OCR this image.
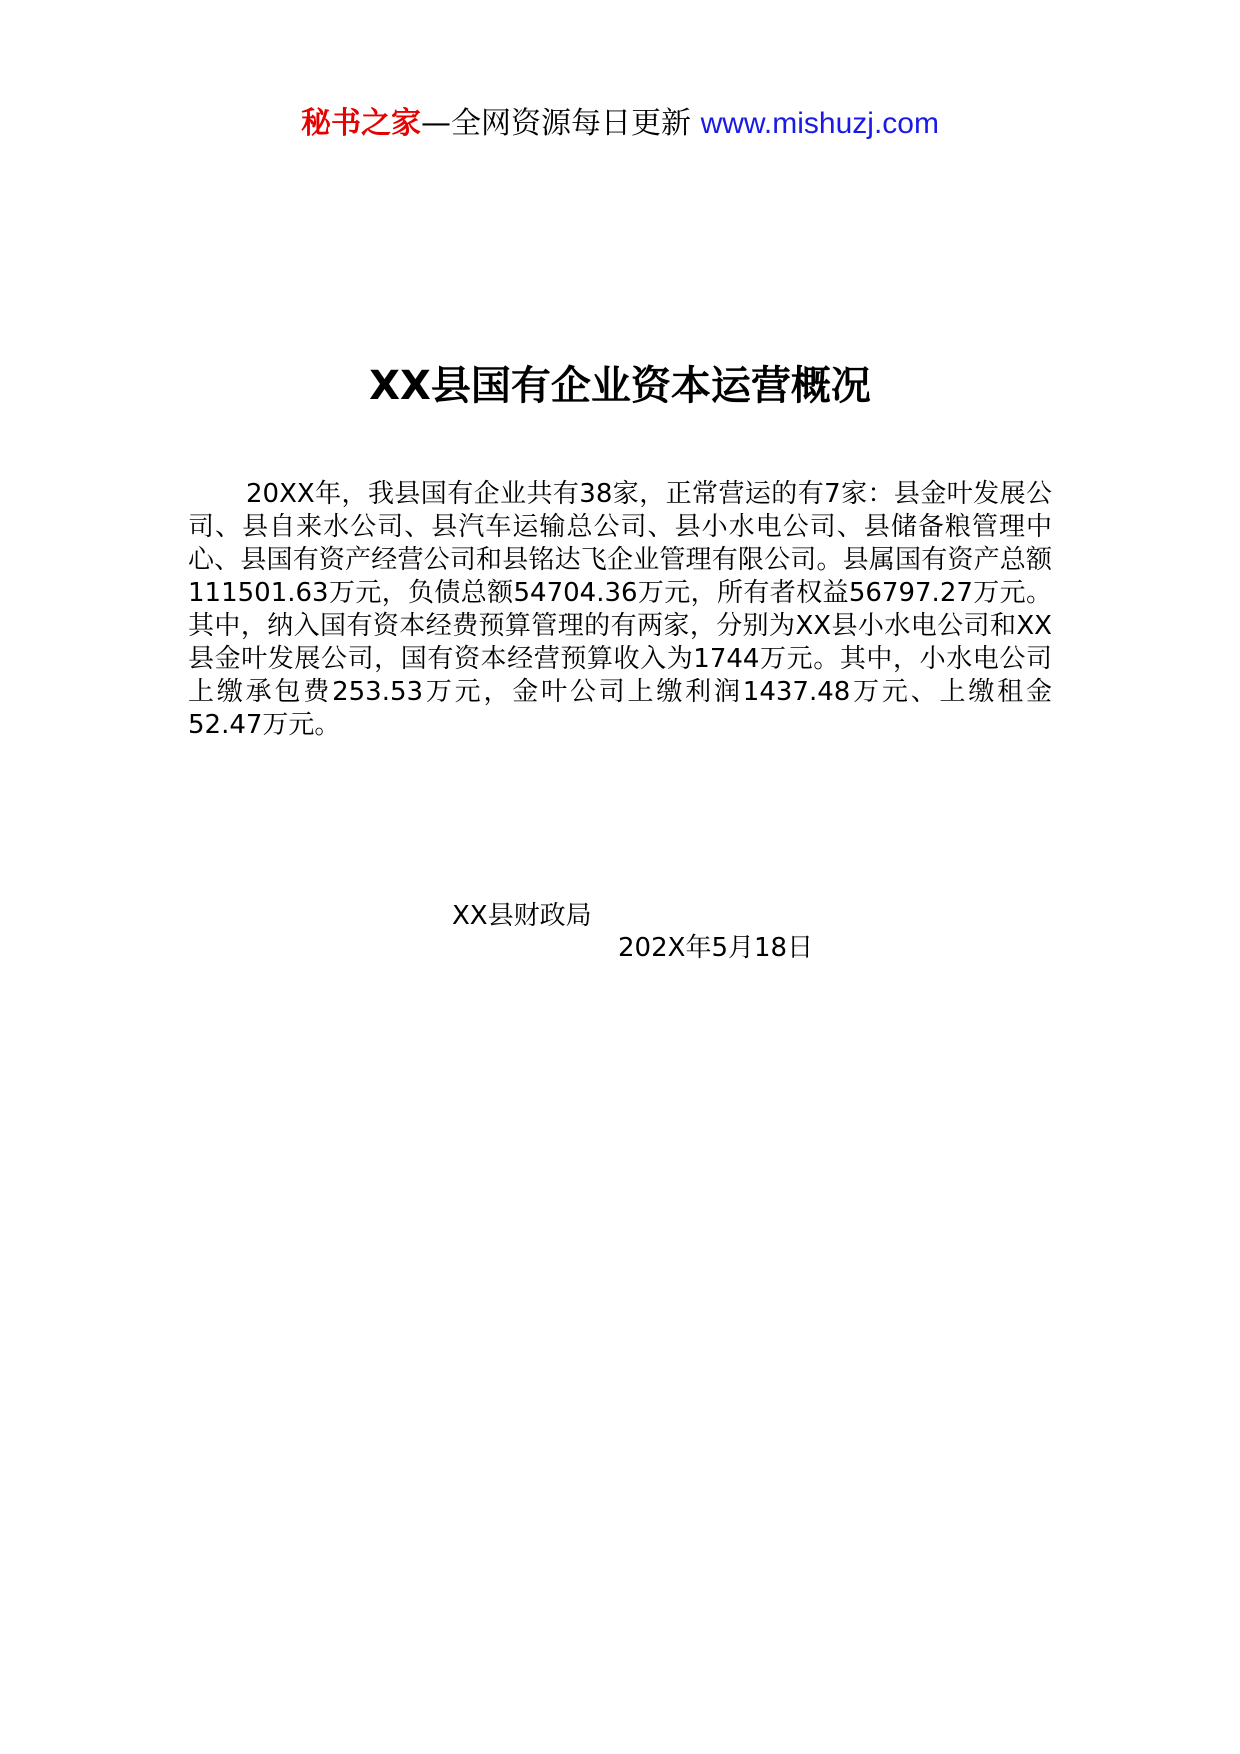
秘书之家—全网资源每日更新 www.mishuzj.com
XX县国有企业资本运营概况

20XX年，我县国有企业共有38家，正常营运的有7家：县金叶发展公司、县自来水公司、县汽车运输总公司、县小水电公司、县储备粮管理中心、县国有资产经营公司和县铭达飞企业管理有限公司。县属国有资产总额111501.63万元，负债总额54704.36万元，所有者权益56797.27万元。其中，纳入国有资本经费预算管理的有两家，分别为XX县小水电公司和XX县金叶发展公司，国有资本经营预算收入为1744万元。其中，小水电公司上缴承包费253.53万元，金叶公司上缴利润1437.48万元、上缴租金52.47万元。

XX县财政局
202X年5月18日
